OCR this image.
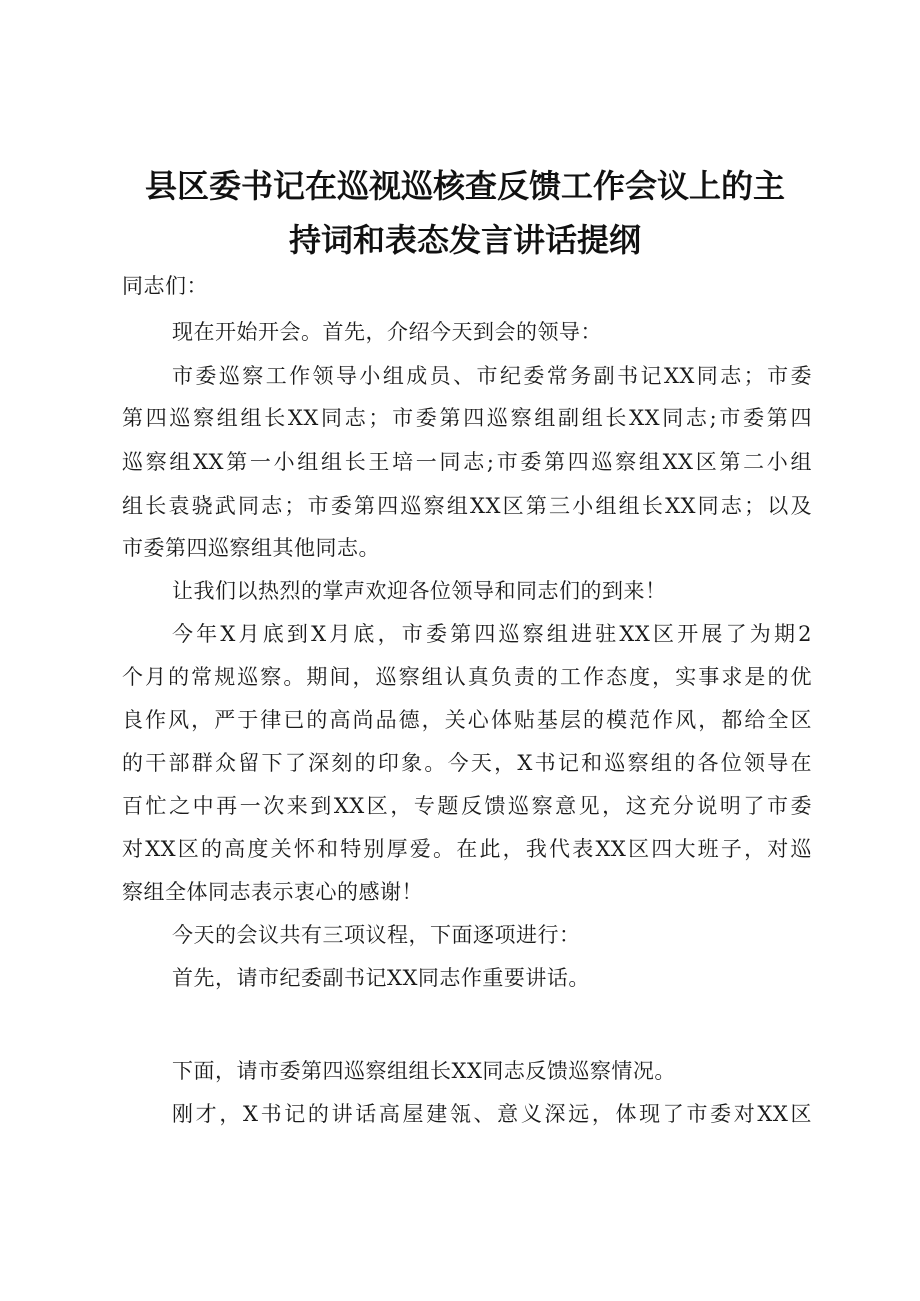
县区委书记在巡视巡核查反馈工作会议上的主
持词和表态发言讲话提纲
同志们：
现在开始开会。首先，介绍今天到会的领导：
市委巡察工作领导小组成员、市纪委常务副书记XX同志；市委
第四巡察组组长XX同志；市委第四巡察组副组长XX同志;市委第四
巡察组XX第一小组组长王培一同志;市委第四巡察组XX区第二小组
组长袁骁武同志；市委第四巡察组XX区第三小组组长XX同志；以及
市委第四巡察组其他同志。
让我们以热烈的掌声欢迎各位领导和同志们的到来！
今年X月底到X月底，市委第四巡察组进驻XX区开展了为期2
个月的常规巡察。期间，巡察组认真负责的工作态度，实事求是的优
良作风，严于律已的高尚品德，关心体贴基层的模范作风，都给全区
的干部群众留下了深刻的印象。今天，X书记和巡察组的各位领导在
百忙之中再一次来到XX区，专题反馈巡察意见，这充分说明了市委
对XX区的高度关怀和特别厚爱。在此，我代表XX区四大班子，对巡
察组全体同志表示衷心的感谢！
今天的会议共有三项议程，下面逐项进行：
首先，请市纪委副书记XX同志作重要讲话。
下面，请市委第四巡察组组长XX同志反馈巡察情况。
刚才，X书记的讲话高屋建瓴、意义深远，体现了市委对XX区
